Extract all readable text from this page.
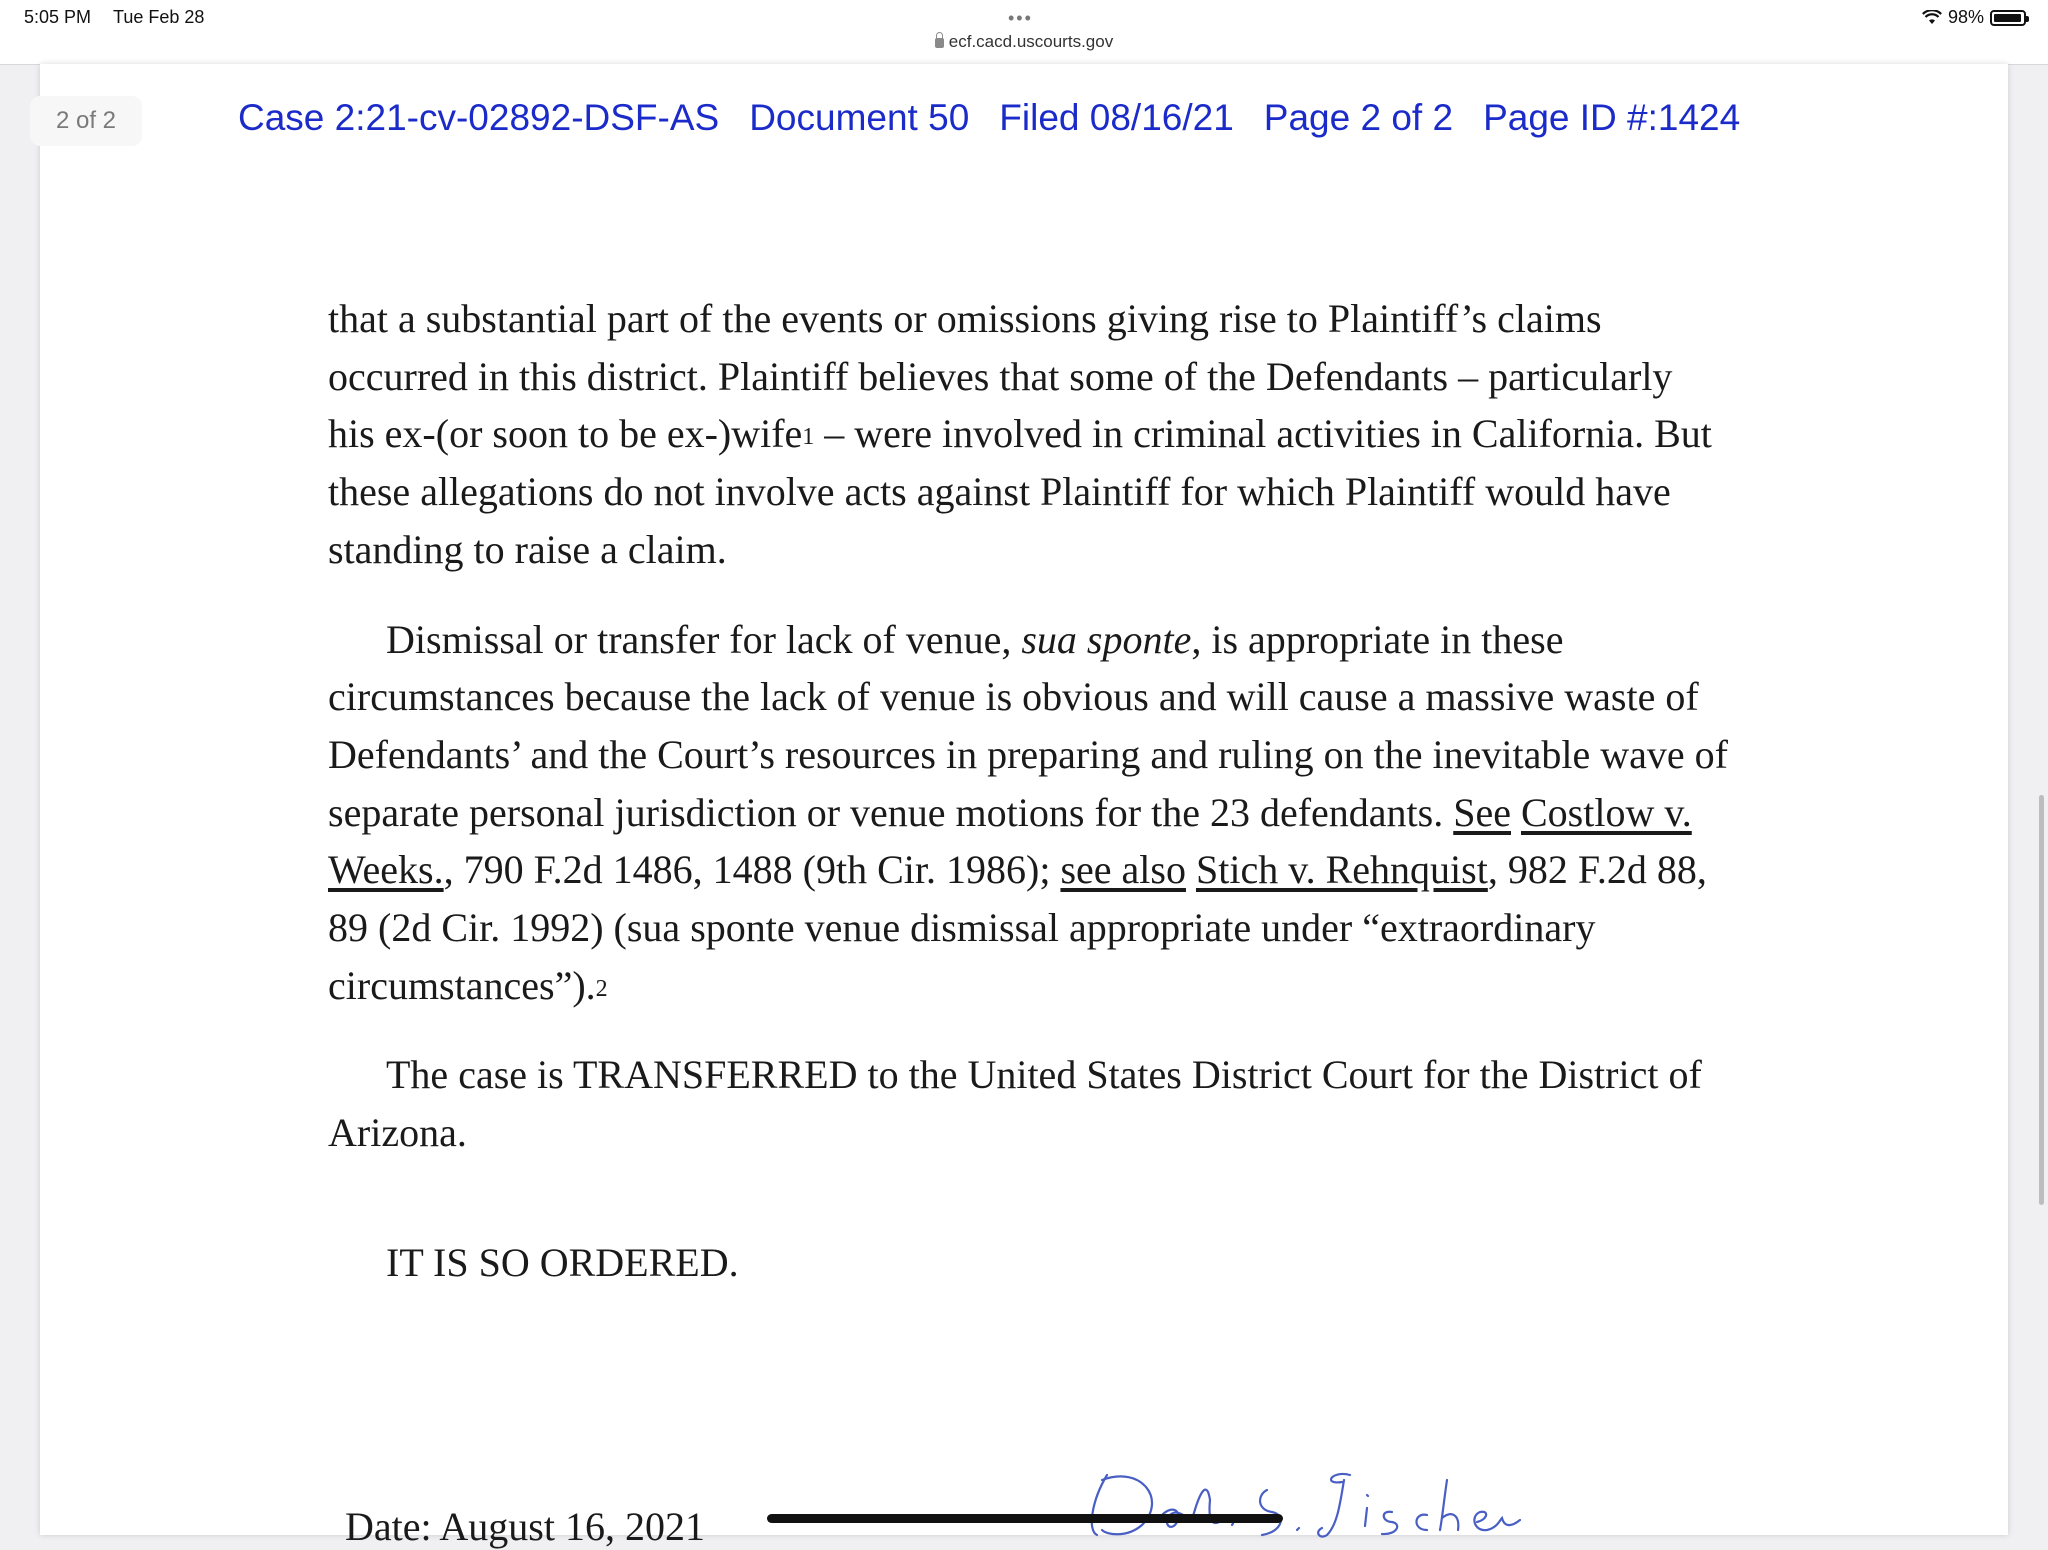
5:05 PM Tue Feb 28	•••
ecf.cacd.uscourts.gov
98%
2 of 2	Case 2:21-cv-02892-DSF-AS Document 50 Filed 08/16/21 Page 2 of 2 Page ID #:1424

that a substantial part of the events or omissions giving rise to Plaintiff’s claims occurred in this district. Plaintiff believes that some of the Defendants – particularly his ex-(or soon to be ex-)wife$^1$ – were involved in criminal activities in California. But these allegations do not involve acts against Plaintiff for which Plaintiff would have standing to raise a claim.

Dismissal or transfer for lack of venue, sua sponte, is appropriate in these circumstances because the lack of venue is obvious and will cause a massive waste of Defendants’ and the Court’s resources in preparing and ruling on the inevitable wave of separate personal jurisdiction or venue motions for the 23 defendants. See Costlow v. Weeks., 790 F.2d 1486, 1488 (9th Cir. 1986); see also Stich v. Rehnquist, 982 F.2d 88, 89 (2d Cir. 1992) (sua sponte venue dismissal appropriate under “extraordinary circumstances”).$^2$

The case is TRANSFERRED to the United States District Court for the District of Arizona.

IT IS SO ORDERED.

Date: August 16, 2021
